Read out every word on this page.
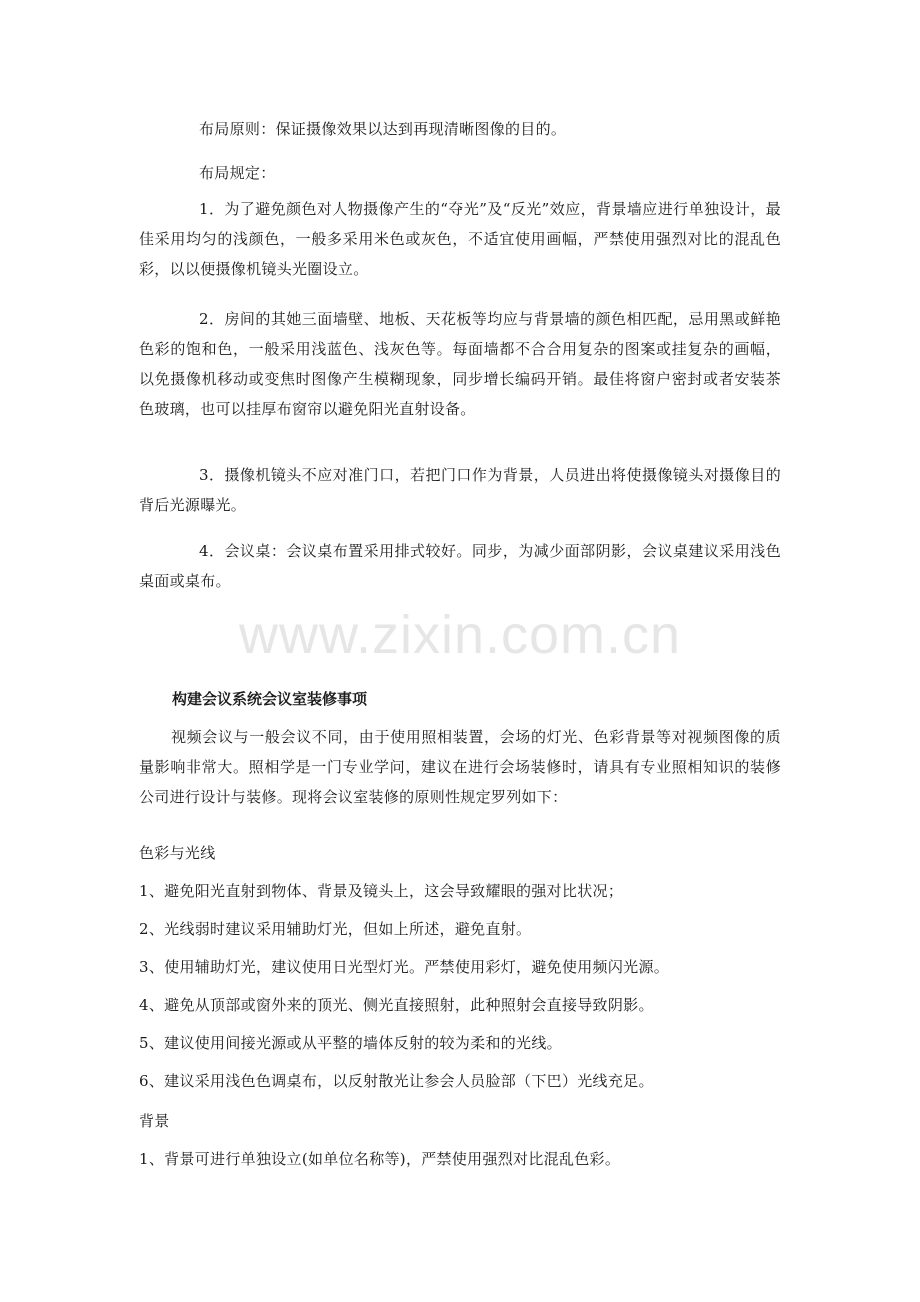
布局原则：保证摄像效果以达到再现清晰图像的目的。

布局规定：

1．为了避免颜色对人物摄像产生的“夺光”及“反光”效应，背景墙应进行单独设计，最佳采用均匀的浅颜色，一般多采用米色或灰色，不适宜使用画幅，严禁使用强烈对比的混乱色彩，以以便摄像机镜头光圈设立。

2．房间的其她三面墙壁、地板、天花板等均应与背景墙的颜色相匹配，忌用黑或鲜艳色彩的饱和色，一般采用浅蓝色、浅灰色等。每面墙都不合合用复杂的图案或挂复杂的画幅，以免摄像机移动或变焦时图像产生模糊现象，同步增长编码开销。最佳将窗户密封或者安装茶色玻璃，也可以挂厚布窗帘以避免阳光直射设备。

3．摄像机镜头不应对准门口，若把门口作为背景，人员进出将使摄像镜头对摄像目的背后光源曝光。

4．会议桌：会议桌布置采用排式较好。同步，为减少面部阴影，会议桌建议采用浅色桌面或桌布。

www.zixin.com.cn

构建会议系统会议室装修事项

视频会议与一般会议不同，由于使用照相装置，会场的灯光、色彩背景等对视频图像的质量影响非常大。照相学是一门专业学问，建议在进行会场装修时，请具有专业照相知识的装修公司进行设计与装修。现将会议室装修的原则性规定罗列如下：

色彩与光线

1、避免阳光直射到物体、背景及镜头上，这会导致耀眼的强对比状况；

2、光线弱时建议采用辅助灯光，但如上所述，避免直射。

3、使用辅助灯光，建议使用日光型灯光。严禁使用彩灯，避免使用频闪光源。

4、避免从顶部或窗外来的顶光、侧光直接照射，此种照射会直接导致阴影。

5、建议使用间接光源或从平整的墙体反射的较为柔和的光线。

6、建议采用浅色色调桌布，以反射散光让参会人员脸部（下巴）光线充足。

背景

1、背景可进行单独设立(如单位名称等)，严禁使用强烈对比混乱色彩。
